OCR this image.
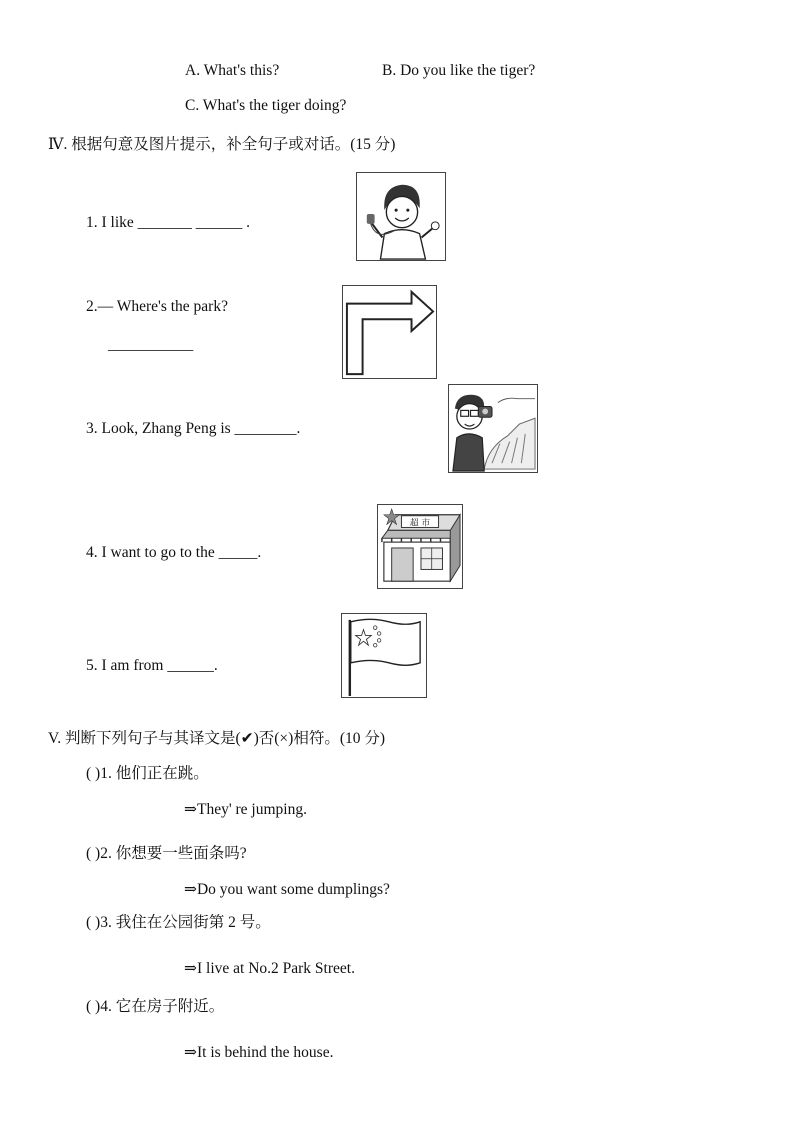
A. What's this?	B. Do you like the tiger?
C. What's the tiger doing?
Ⅳ. 根据句意及图片提示，补全句子或对话。(15 分)
1. I like _______ ______ .
2.— Where's the park?
___________
3. Look, Zhang Peng is ________.
4. I want to go to the _____.
超 市
5. I am from ______.
V. 判断下列句子与其译文是(✔)否(×)相符。(10 分)
( )1. 他们正在跳。
⇒They' re jumping.
( )2. 你想要一些面条吗?
⇒Do you want some dumplings?
( )3. 我住在公园街第 2 号。
⇒I live at No.2 Park Street.
( )4. 它在房子附近。
⇒It is behind the house.
